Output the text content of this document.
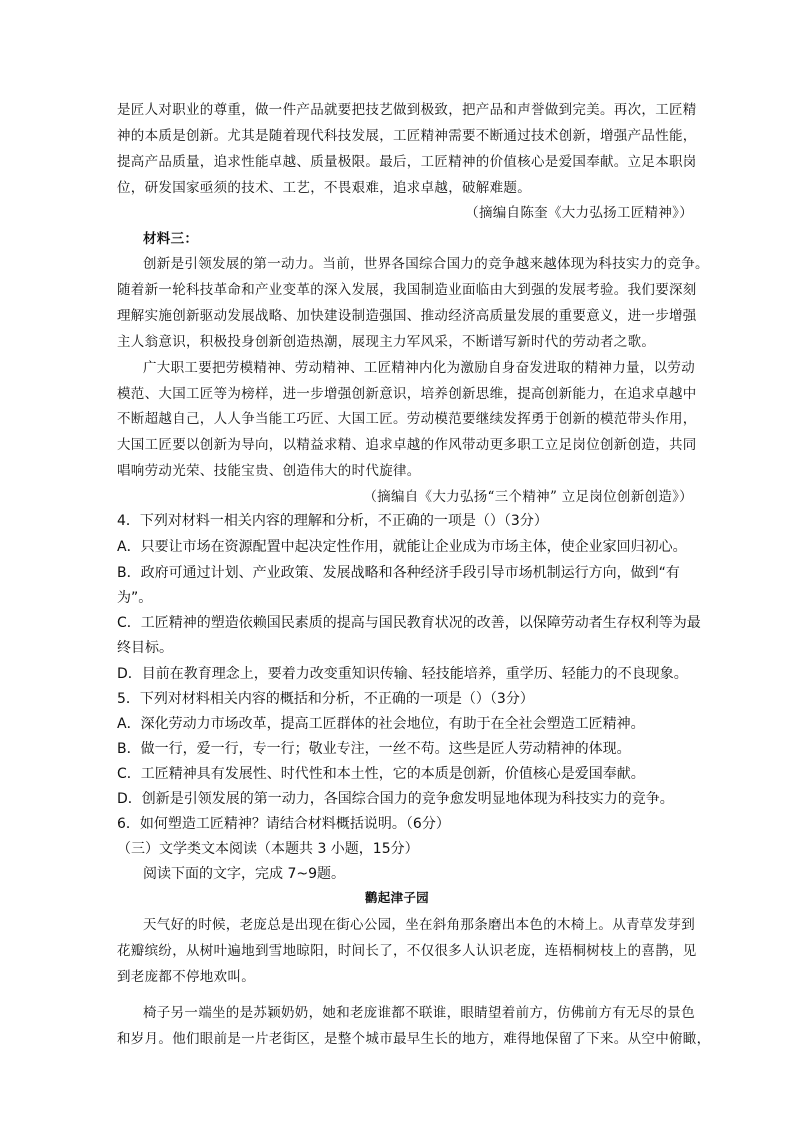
是匠人对职业的尊重，做一件产品就要把技艺做到极致，把产品和声誉做到完美。再次，工匠精
神的本质是创新。尤其是随着现代科技发展，工匠精神需要不断通过技术创新，增强产品性能，
提高产品质量，追求性能卓越、质量极限。最后，工匠精神的价值核心是爱国奉献。立足本职岗
位，研发国家亟须的技术、工艺，不畏艰难，追求卓越，破解难题。
（摘编自陈奎《大力弘扬工匠精神》）
材料三：
创新是引领发展的第一动力。当前，世界各国综合国力的竞争越来越体现为科技实力的竞争。
随着新一轮科技革命和产业变革的深入发展，我国制造业面临由大到强的发展考验。我们要深刻
理解实施创新驱动发展战略、加快建设制造强国、推动经济高质量发展的重要意义，进一步增强
主人翁意识，积极投身创新创造热潮，展现主力军风采，不断谱写新时代的劳动者之歌。
广大职工要把劳模精神、劳动精神、工匠精神内化为激励自身奋发进取的精神力量，以劳动
模范、大国工匠等为榜样，进一步增强创新意识，培养创新思维，提高创新能力，在追求卓越中
不断超越自己，人人争当能工巧匠、大国工匠。劳动模范要继续发挥勇于创新的模范带头作用，
大国工匠要以创新为导向，以精益求精、追求卓越的作风带动更多职工立足岗位创新创造，共同
唱响劳动光荣、技能宝贵、创造伟大的时代旋律。
（摘编自《大力弘扬“三个精神” 立足岗位创新创造》）
4．下列对材料一相关内容的理解和分析，不正确的一项是（）（3分）
A．只要让市场在资源配置中起决定性作用，就能让企业成为市场主体，使企业家回归初心。
B．政府可通过计划、产业政策、发展战略和各种经济手段引导市场机制运行方向，做到“有
为”。
C．工匠精神的塑造依赖国民素质的提高与国民教育状况的改善，以保障劳动者生存权利等为最
终目标。
D．目前在教育理念上，要着力改变重知识传输、轻技能培养，重学历、轻能力的不良现象。
5．下列对材料相关内容的概括和分析，不正确的一项是（）（3分）
A．深化劳动力市场改革，提高工匠群体的社会地位，有助于在全社会塑造工匠精神。
B．做一行，爱一行，专一行；敬业专注，一丝不苟。这些是匠人劳动精神的体现。
C．工匠精神具有发展性、时代性和本土性，它的本质是创新，价值核心是爱国奉献。
D．创新是引领发展的第一动力，各国综合国力的竞争愈发明显地体现为科技实力的竞争。
6．如何塑造工匠精神？请结合材料概括说明。（6分）
（三）文学类文本阅读（本题共 3 小题，15分）
阅读下面的文字，完成 7~9题。
鹳起津子园
天气好的时候，老庞总是出现在街心公园，坐在斜角那条磨出本色的木椅上。从青草发芽到
花瓣缤纷，从树叶遍地到雪地晾阳，时间长了，不仅很多人认识老庞，连梧桐树枝上的喜鹊，见
到老庞都不停地欢叫。
椅子另一端坐的是苏颖奶奶，她和老庞谁都不联谁，眼睛望着前方，仿佛前方有无尽的景色
和岁月。他们眼前是一片老街区，是整个城市最早生长的地方，难得地保留了下来。从空中俯瞰，
